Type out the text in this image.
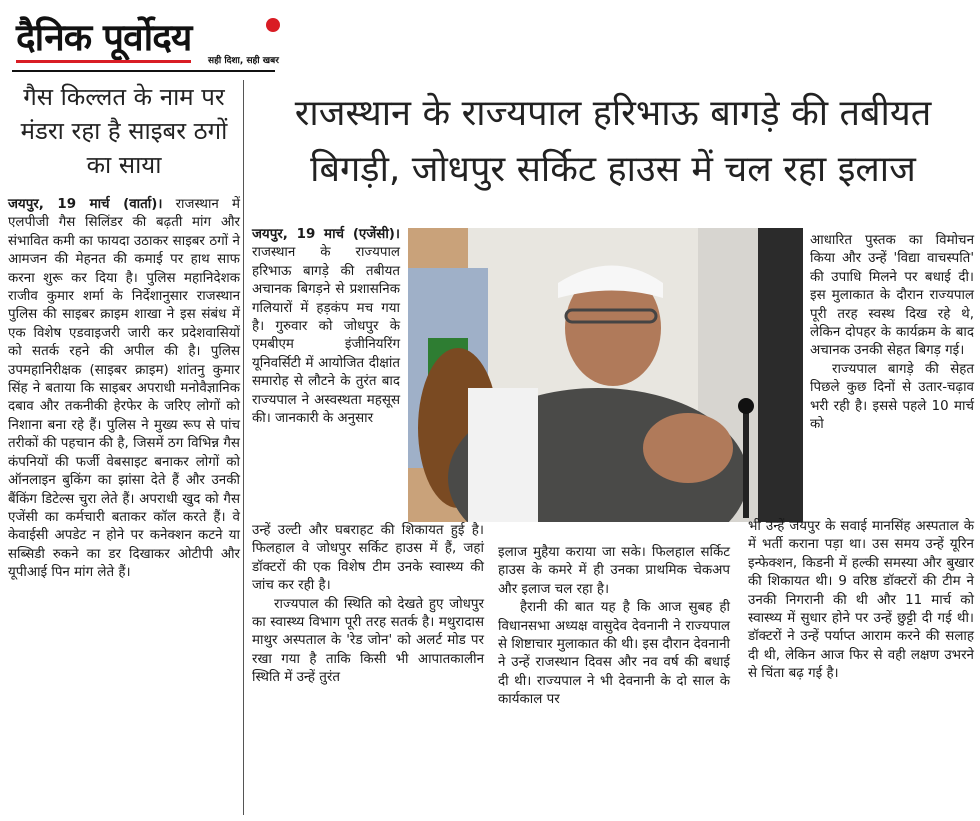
दैनिक पूर्वोदय
सही दिशा, सही खबर
गैस किल्लत के नाम पर मंडरा रहा है साइबर ठगों का साया

जयपुर, 19 मार्च (वार्ता)। राजस्थान में एलपीजी गैस सिलिंडर की बढ़ती मांग और संभावित कमी का फायदा उठाकर साइबर ठगों ने आमजन की मेहनत की कमाई पर हाथ साफ करना शुरू कर दिया है। पुलिस महानिदेशक राजीव कुमार शर्मा के निर्देशानुसार राजस्थान पुलिस की साइबर क्राइम शाखा ने इस संबंध में एक विशेष एडवाइजरी जारी कर प्रदेशवासियों को सतर्क रहने की अपील की है। पुलिस उपमहानिरीक्षक (साइबर क्राइम) शांतनु कुमार सिंह ने बताया कि साइबर अपराधी मनोवैज्ञानिक दबाव और तकनीकी हेरफेर के जरिए लोगों को निशाना बना रहे हैं। पुलिस ने मुख्य रूप से पांच तरीकों की पहचान की है, जिसमें ठग विभिन्न गैस कंपनियों की फर्जी वेबसाइट बनाकर लोगों को ऑनलाइन बुकिंग का झांसा देते हैं और उनकी बैंकिंग डिटेल्स चुरा लेते हैं। अपराधी खुद को गैस एजेंसी का कर्मचारी बताकर कॉल करते हैं। वे केवाईसी अपडेट न होने पर कनेक्शन कटने या सब्सिडी रुकने का डर दिखाकर ओटीपी और यूपीआई पिन मांग लेते हैं।

राजस्थान के राज्यपाल हरिभाऊ बागड़े की तबीयत बिगड़ी, जोधपुर सर्किट हाउस में चल रहा इलाज

जयपुर, 19 मार्च (एजेंसी)। राजस्थान के राज्यपाल हरिभाऊ बागड़े की तबीयत अचानक बिगड़ने से प्रशासनिक गलियारों में हड़कंप मच गया है। गुरुवार को जोधपुर के एमबीएम इंजीनियरिंग यूनिवर्सिटी में आयोजित दीक्षांत समारोह से लौटने के तुरंत बाद राज्यपाल ने अस्वस्थता महसूस की। जानकारी के अनुसार

उन्हें उल्टी और घबराहट की शिकायत हुई है। फिलहाल वे जोधपुर सर्किट हाउस में हैं, जहां डॉक्टरों की एक विशेष टीम उनके स्वास्थ्य की जांच कर रही है।

राज्यपाल की स्थिति को देखते हुए जोधपुर का स्वास्थ्य विभाग पूरी तरह सतर्क है। मथुरादास माथुर अस्पताल के 'रेड जोन' को अलर्ट मोड पर रखा गया है ताकि किसी भी आपातकालीन स्थिति में उन्हें तुरंत

इलाज मुहैया कराया जा सके। फिलहाल सर्किट हाउस के कमरे में ही उनका प्राथमिक चेकअप और इलाज चल रहा है।

हैरानी की बात यह है कि आज सुबह ही विधानसभा अध्यक्ष वासुदेव देवनानी ने राज्यपाल से शिष्टाचार मुलाकात की थी। इस दौरान देवनानी ने उन्हें राजस्थान दिवस और नव वर्ष की बधाई दी थी। राज्यपाल ने भी देवनानी के दो साल के कार्यकाल पर

आधारित पुस्तक का विमोचन किया और उन्हें 'विद्या वाचस्पति' की उपाधि मिलने पर बधाई दी। इस मुलाकात के दौरान राज्यपाल पूरी तरह स्वस्थ दिख रहे थे, लेकिन दोपहर के कार्यक्रम के बाद अचानक उनकी सेहत बिगड़ गई।

राज्यपाल बागड़े की सेहत पिछले कुछ दिनों से उतार-चढ़ाव भरी रही है। इससे पहले 10 मार्च को

भी उन्हें जयपुर के सवाई मानसिंह अस्पताल के में भर्ती कराना पड़ा था। उस समय उन्हें यूरिन इन्फेक्शन, किडनी में हल्की समस्या और बुखार की शिकायत थी। 9 वरिष्ठ डॉक्टरों की टीम ने उनकी निगरानी की थी और 11 मार्च को स्वास्थ्य में सुधार होने पर उन्हें छुट्टी दी गई थी। डॉक्टरों ने उन्हें पर्याप्त आराम करने की सलाह दी थी, लेकिन आज फिर से वही लक्षण उभरने से चिंता बढ़ गई है।
